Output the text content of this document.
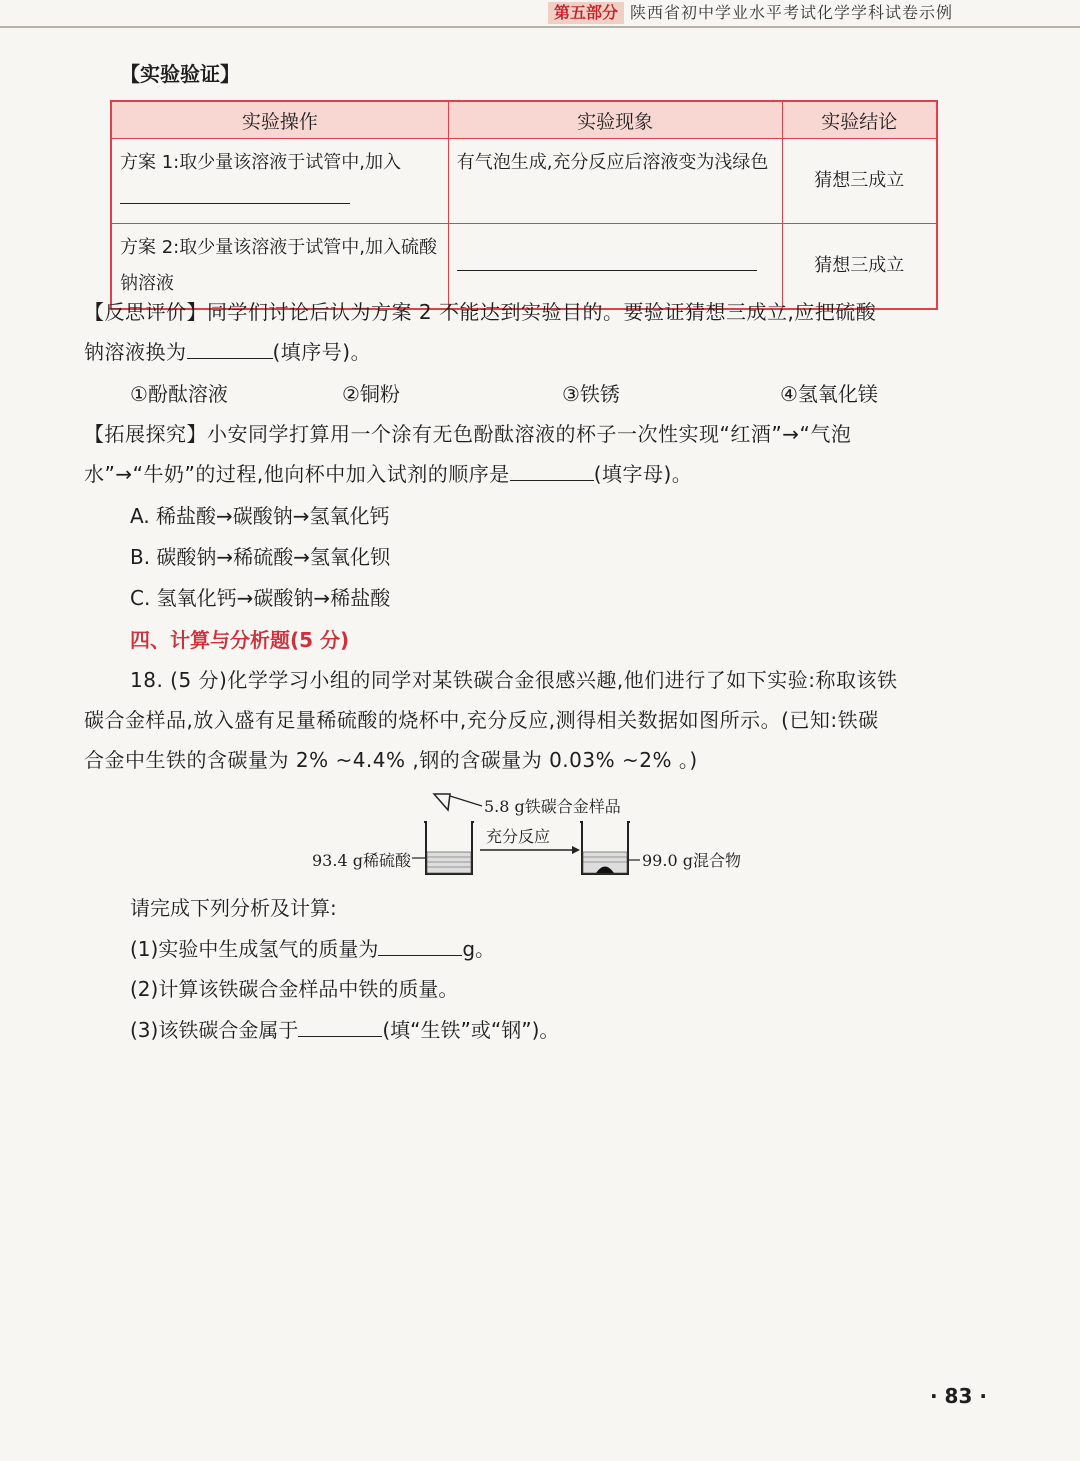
第五部分 陕西省初中学业水平考试化学学科试卷示例
【实验验证】
实验操作	实验现象	实验结论

方案 1:取少量该溶液于试管中,加入	有气泡生成,充分反应后溶液变为浅绿色	猜想三成立
方案 2:取少量该溶液于试管中,加入硫酸钠溶液		猜想三成立
【反思评价】同学们讨论后认为方案 2 不能达到实验目的。要验证猜想三成立,应把硫酸
钠溶液换为	(填序号)。
①酚酞溶液	②铜粉	③铁锈	④氢氧化镁
【拓展探究】小安同学打算用一个涂有无色酚酞溶液的杯子一次性实现“红酒”→“气泡
水”→“牛奶”的过程,他向杯中加入试剂的顺序是	(填字母)。
A. 稀盐酸→碳酸钠→氢氧化钙
B. 碳酸钠→稀硫酸→氢氧化钡
C. 氢氧化钙→碳酸钠→稀盐酸
四、计算与分析题(5 分)
18. (5 分)化学学习小组的同学对某铁碳合金很感兴趣,他们进行了如下实验:称取该铁
碳合金样品,放入盛有足量稀硫酸的烧杯中,充分反应,测得相关数据如图所示。(已知:铁碳
合金中生铁的含碳量为 2% ~4.4% ,钢的含碳量为 0.03% ~2% 。)
5.8 g铁碳合金样品
93.4 g稀硫酸
充分反应
99.0 g混合物
请完成下列分析及计算:
(1)实验中生成氢气的质量为	g。
(2)计算该铁碳合金样品中铁的质量。
(3)该铁碳合金属于	(填“生铁”或“钢”)。
· 83 ·
